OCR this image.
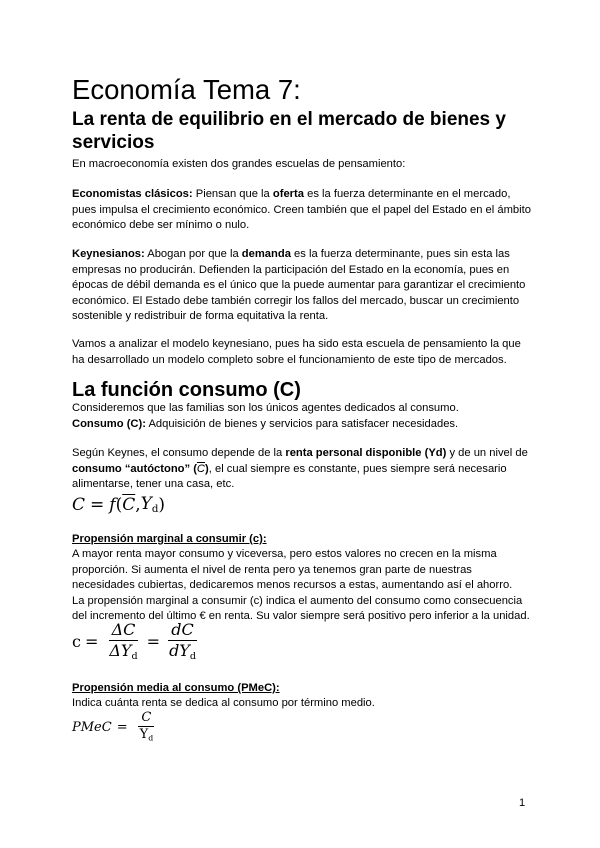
Economía Tema 7:
La renta de equilibrio en el mercado de bienes y servicios

En macroeconomía existen dos grandes escuelas de pensamiento:

Economistas clásicos: Piensan que la oferta es la fuerza determinante en el mercado, pues impulsa el crecimiento económico. Creen también que el papel del Estado en el ámbito económico debe ser mínimo o nulo.

Keynesianos: Abogan por que la demanda es la fuerza determinante, pues sin esta las empresas no producirán. Defienden la participación del Estado en la economía, pues en épocas de débil demanda es el único que la puede aumentar para garantizar el crecimiento económico. El Estado debe también corregir los fallos del mercado, buscar un crecimiento sostenible y redistribuir de forma equitativa la renta.

Vamos a analizar el modelo keynesiano, pues ha sido esta escuela de pensamiento la que ha desarrollado un modelo completo sobre el funcionamiento de este tipo de mercados.

La función consumo (C)

Consideremos que las familias son los únicos agentes dedicados al consumo.
Consumo (C): Adquisición de bienes y servicios para satisfacer necesidades.

Según Keynes, el consumo depende de la renta personal disponible (Yd) y de un nivel de consumo “autóctono” $(\overline{C})$, el cual siempre es constante, pues siempre será necesario alimentarse, tener una casa, etc.

C = f ( $\overline{C}$ , $Y_d$ )
Propensión marginal a consumir (c):

A mayor renta mayor consumo y viceversa, pero estos valores no crecen en la misma proporción. Si aumenta el nivel de renta pero ya tenemos gran parte de nuestras necesidades cubiertas, dedicaremos menos recursos a estas, aumentando así el ahorro.
La propensión marginal a consumir (c) indica el aumento del consumo como consecuencia del incremento del último € en renta. Su valor siempre será positivo pero inferior a la unidad.

$c = \frac{\Delta C}{\Delta Y_d} = \frac{dC}{dY_d}$
Propensión media al consumo (PMeC):

Indica cuánta renta se dedica al consumo por término medio.

PMeC = $\frac{C}{Y_d}$
1
